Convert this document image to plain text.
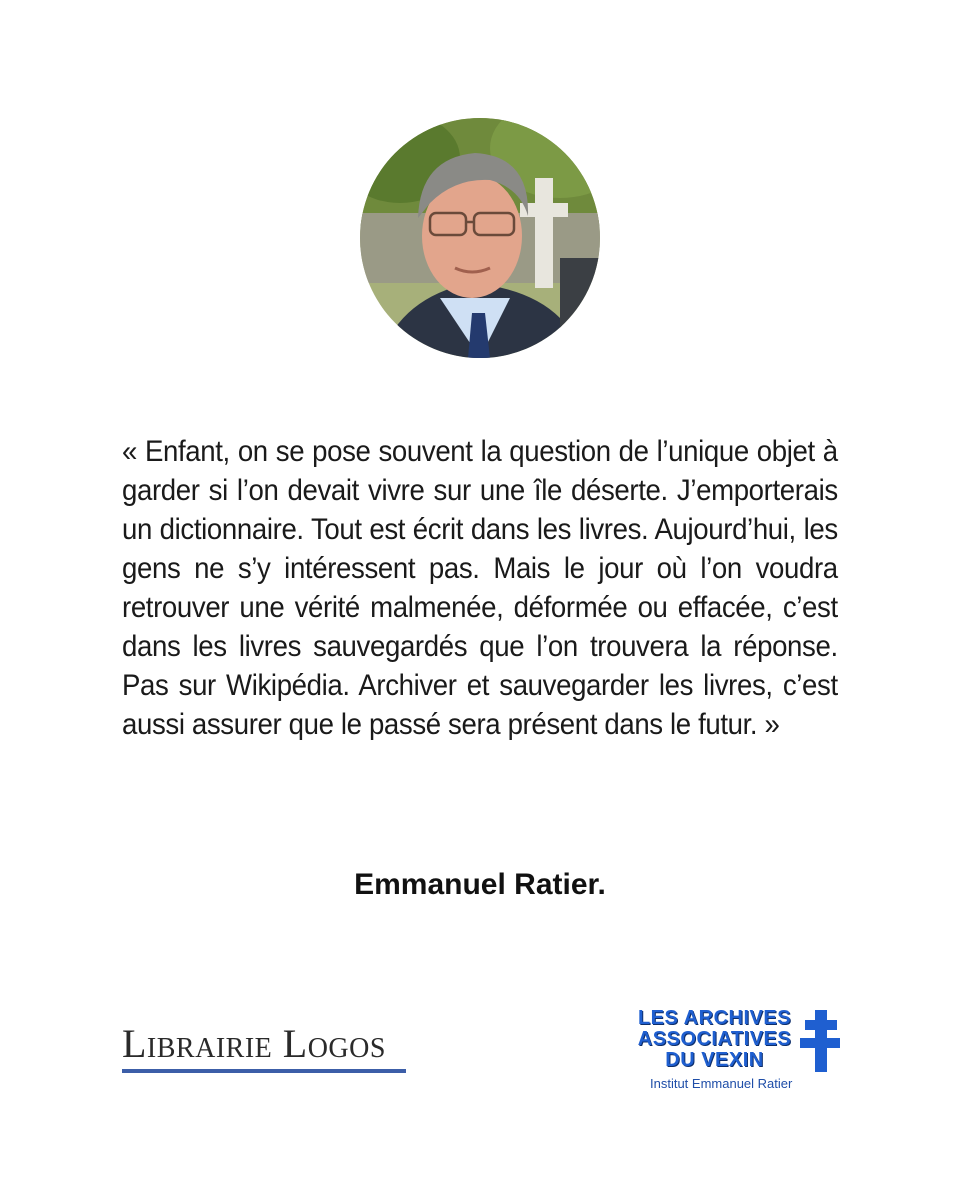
« Enfant, on se pose souvent la question de l’unique objet à garder si l’on devait vivre sur une île déserte. J’emporterais un dictionnaire. Tout est écrit dans les livres. Aujourd’hui, les gens ne s’y intéressent pas. Mais le jour où l’on voudra retrouver une vérité malmenée, déformée ou effacée, c’est dans les livres sauvegardés que l’on trouvera la réponse. Pas sur Wikipédia. Archiver et sauvegarder les livres, c’est aussi assurer que le passé sera présent dans le futur. »

Emmanuel Ratier.
Librairie Logos
LES ARCHIVES
ASSOCIATIVES
DU VEXIN
Institut Emmanuel Ratier
